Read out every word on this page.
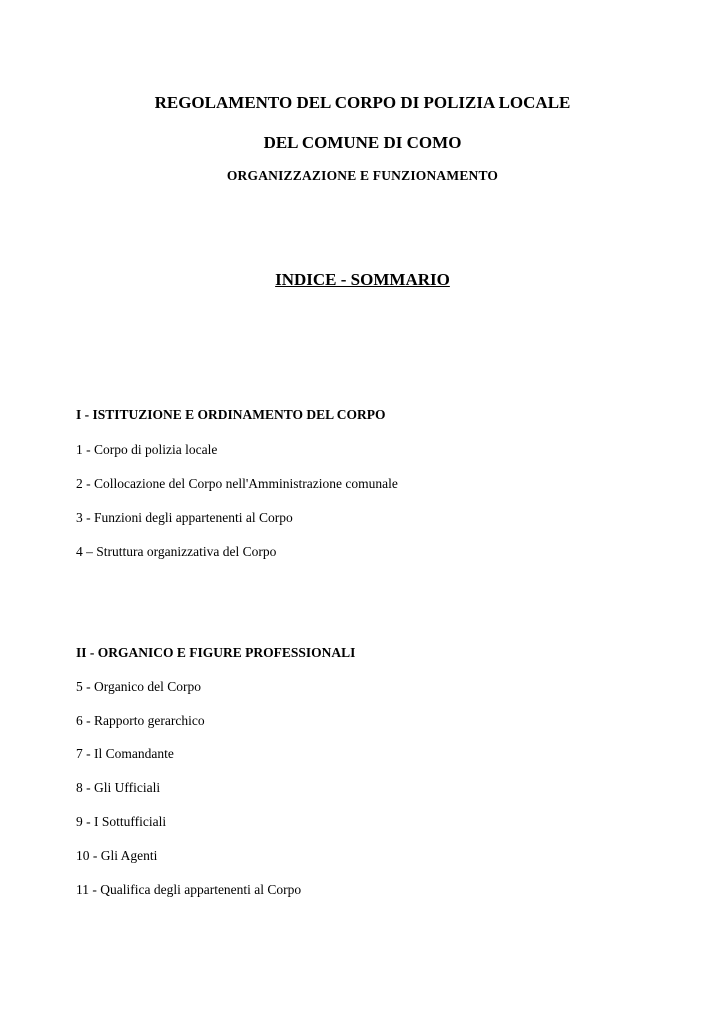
REGOLAMENTO DEL CORPO DI POLIZIA LOCALE
DEL COMUNE DI COMO
ORGANIZZAZIONE E FUNZIONAMENTO
INDICE - SOMMARIO
I - ISTITUZIONE E ORDINAMENTO DEL CORPO
1 - Corpo di polizia locale
2 - Collocazione del Corpo nell'Amministrazione comunale
3 - Funzioni degli appartenenti al Corpo
4 – Struttura organizzativa del Corpo
II - ORGANICO E FIGURE PROFESSIONALI
5 - Organico del Corpo
6 - Rapporto gerarchico
7 - Il Comandante
8 - Gli Ufficiali
9 - I Sottufficiali
10 - Gli Agenti
11 - Qualifica degli appartenenti al Corpo
